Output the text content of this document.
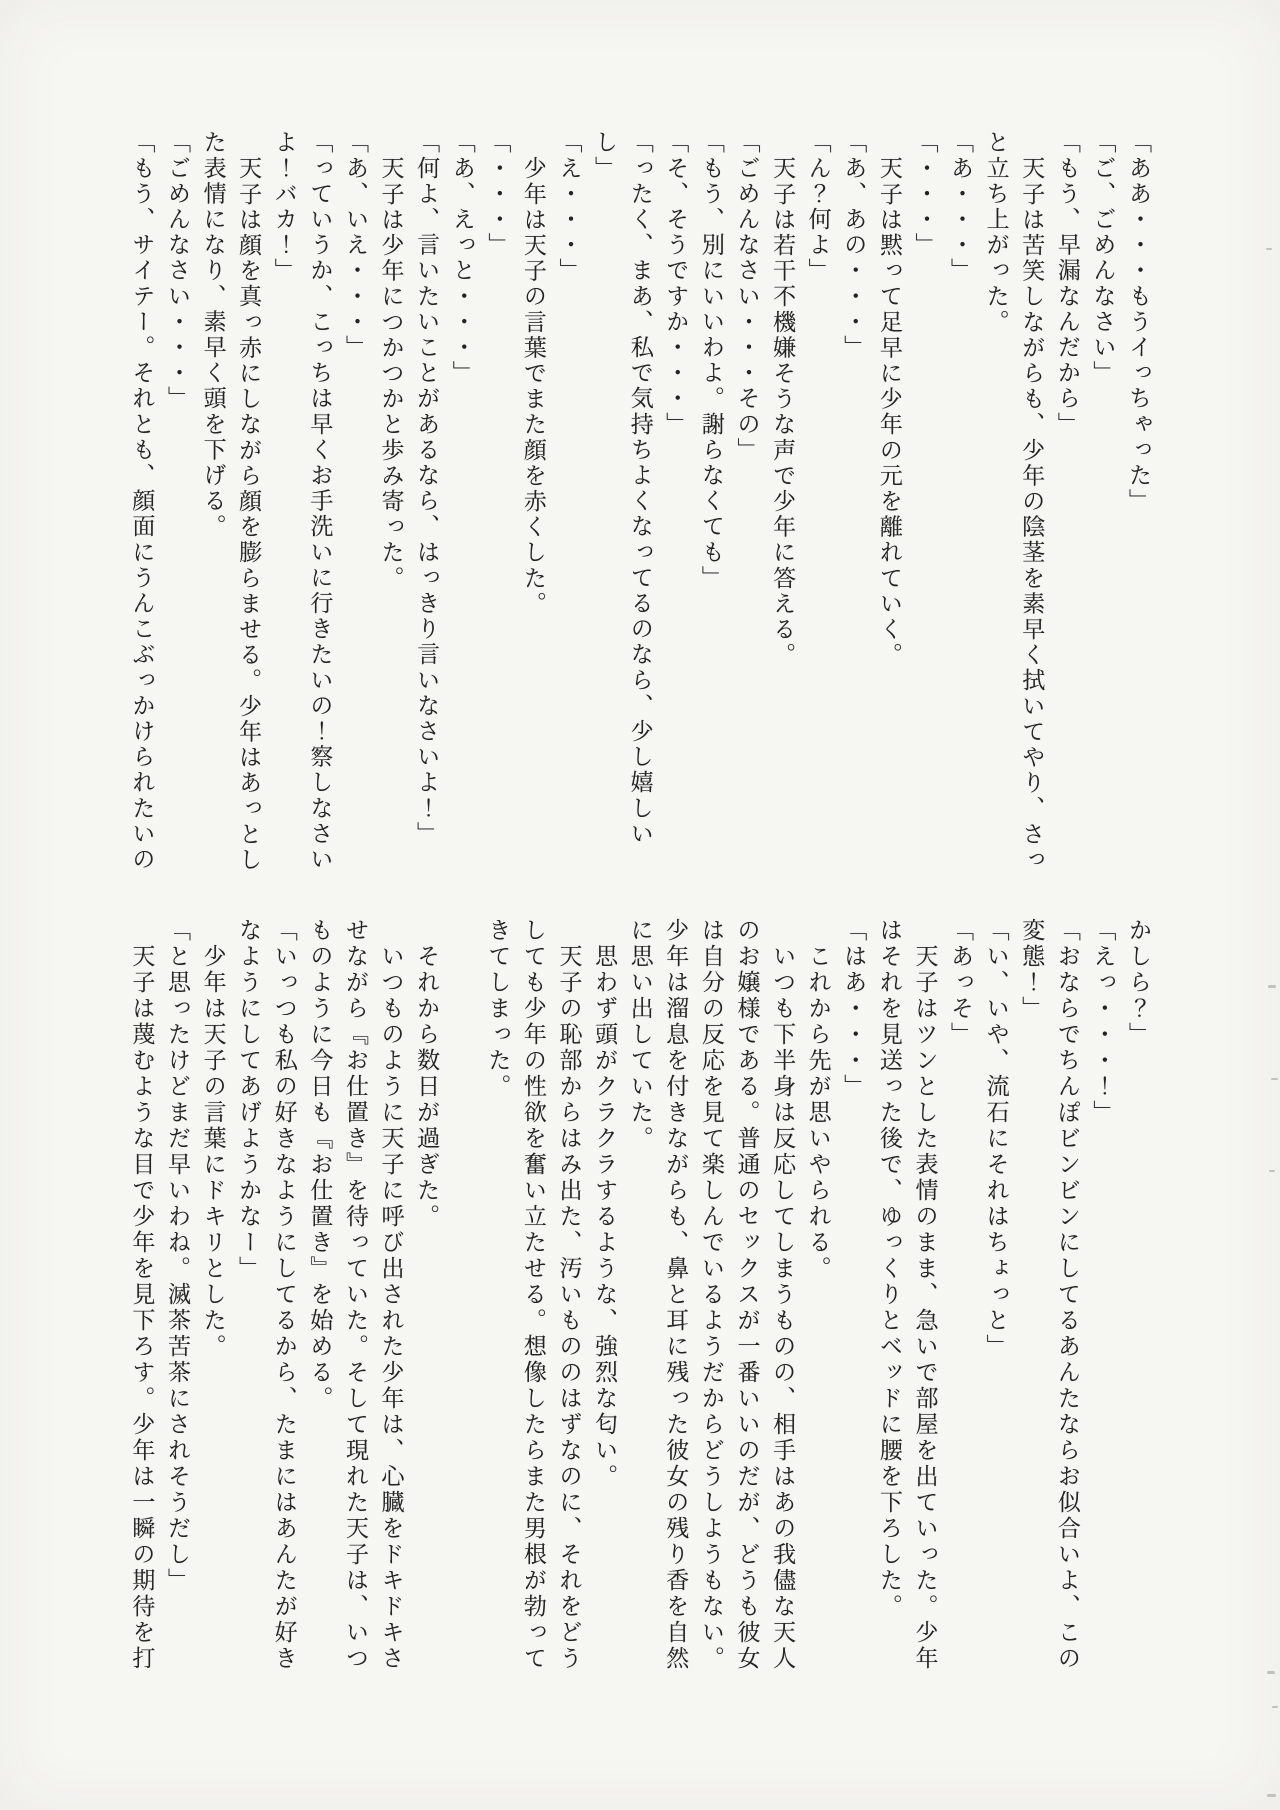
「ああ・・・もうイっちゃった」

「ご、ごめんなさい」

「もう、早漏なんだから」

天子は苦笑しながらも、少年の陰茎を素早く拭いてやり、さっ

と立ち上がった。

「あ・・・」

「・・・」

天子は黙って足早に少年の元を離れていく。

「あ、あの・・・」

「ん？何よ」

天子は若干不機嫌そうな声で少年に答える。

「ごめんなさい・・・その」

「もう、別にいいわよ。謝らなくても」

「そ、そうですか・・・」

「ったく、まあ、私で気持ちよくなってるのなら、少し嬉しい

し」

「え・・・」

少年は天子の言葉でまた顔を赤くした。

「・・・」

「あ、えっと・・・」

「何よ、言いたいことがあるなら、はっきり言いなさいよ！」

天子は少年につかつかと歩み寄った。

「あ、いえ・・・」

「っていうか、こっちは早くお手洗いに行きたいの！察しなさい

よ！バカ！」

天子は顔を真っ赤にしながら顔を膨らませる。少年はあっとし

た表情になり、素早く頭を下げる。

「ごめんなさい・・・」

「もう、サイテー。それとも、顔面にうんこぶっかけられたいの

かしら？」

「えっ・・・！」

「おならでちんぽビンビンにしてるあんたならお似合いよ、この

変態！」

「い、いや、流石にそれはちょっと」

「あっそ」

天子はツンとした表情のまま、急いで部屋を出ていった。少年

はそれを見送った後で、ゆっくりとベッドに腰を下ろした。

「はあ・・・」

これから先が思いやられる。

いつも下半身は反応してしまうものの、相手はあの我儘な天人

のお嬢様である。普通のセックスが一番いいのだが、どうも彼女

は自分の反応を見て楽しんでいるようだからどうしようもない。

少年は溜息を付きながらも、鼻と耳に残った彼女の残り香を自然

に思い出していた。

思わず頭がクラクラするような、強烈な匂い。

天子の恥部からはみ出た、汚いもののはずなのに、それをどう

しても少年の性欲を奮い立たせる。想像したらまた男根が勃って

きてしまった。

それから数日が過ぎた。

いつものように天子に呼び出された少年は、心臓をドキドキさ

せながら『お仕置き』を待っていた。そして現れた天子は、いつ

ものように今日も『お仕置き』を始める。

「いっつも私の好きなようにしてるから、たまにはあんたが好き

なようにしてあげようかなー」

少年は天子の言葉にドキリとした。

「と思ったけどまだ早いわね。滅茶苦茶にされそうだし」

天子は蔑むような目で少年を見下ろす。少年は一瞬の期待を打
